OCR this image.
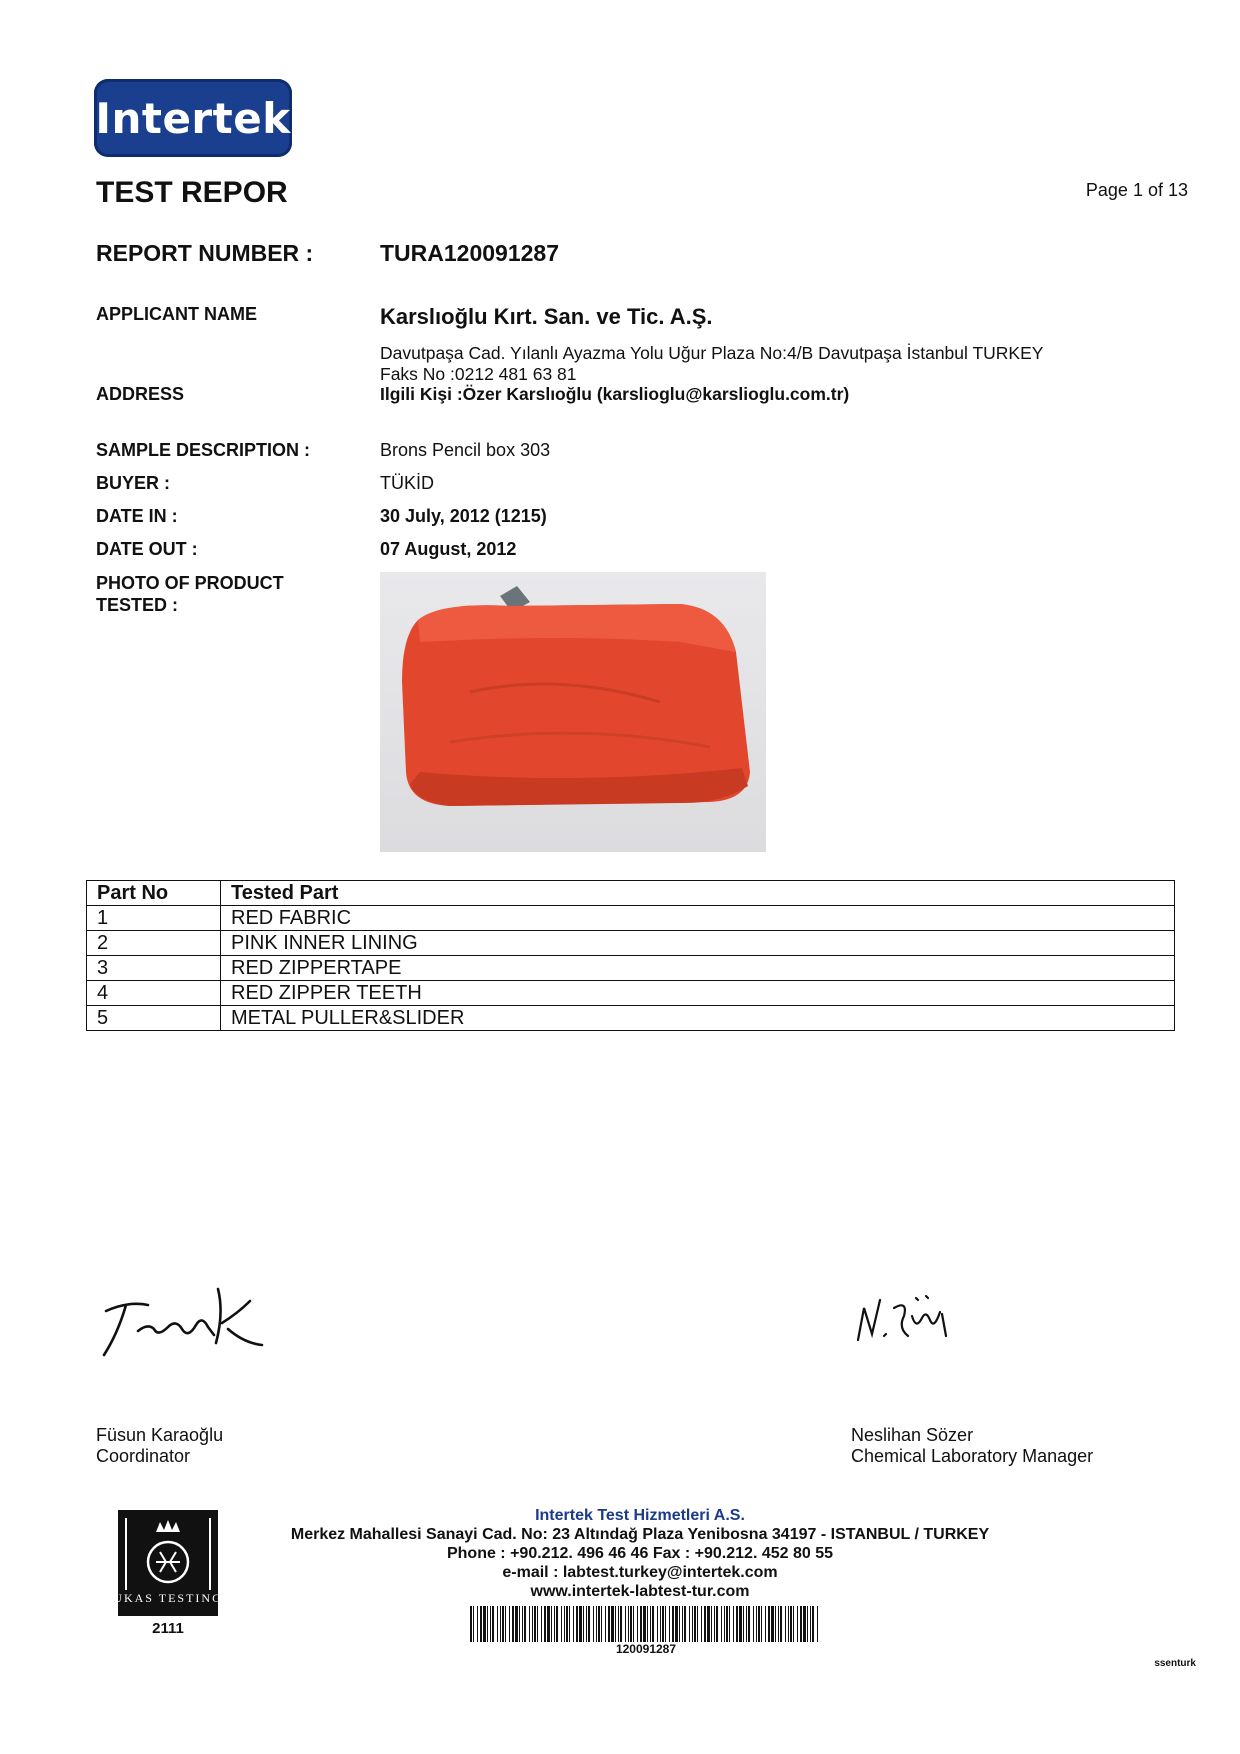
Intertek
TEST REPOR	Page 1 of 13
REPORT NUMBER :	TURA120091287
APPLICANT NAME	Karslıoğlu Kırt. San. ve Tic. A.Ş.
Davutpaşa Cad. Yılanlı Ayazma Yolu Uğur Plaza No:4/B Davutpaşa İstanbul TURKEY
Faks No :0212 481 63 81
ADDRESS	Ilgili Kişi :Özer Karslıoğlu (karslioglu@karslioglu.com.tr)
SAMPLE DESCRIPTION :	Brons Pencil box 303
BUYER :	TÜKİD
DATE IN :	30 July, 2012 (1215)
DATE OUT :	07 August, 2012
PHOTO OF PRODUCT TESTED :
Part No	Tested Part
1	RED FABRIC
2	PINK INNER LINING
3	RED ZIPPERTAPE
4	RED ZIPPER TEETH
5	METAL PULLER&SLIDER
Füsun Karaoğlu
Coordinator
Neslihan Sözer
Chemical Laboratory Manager
UKAS TESTING
2111
Intertek Test Hizmetleri A.S.
Merkez Mahallesi Sanayi Cad. No: 23 Altındağ Plaza Yenibosna 34197 - ISTANBUL / TURKEY
Phone : +90.212. 496 46 46 Fax : +90.212. 452 80 55
e-mail : labtest.turkey@intertek.com
www.intertek-labtest-tur.com
120091287
ssenturk
